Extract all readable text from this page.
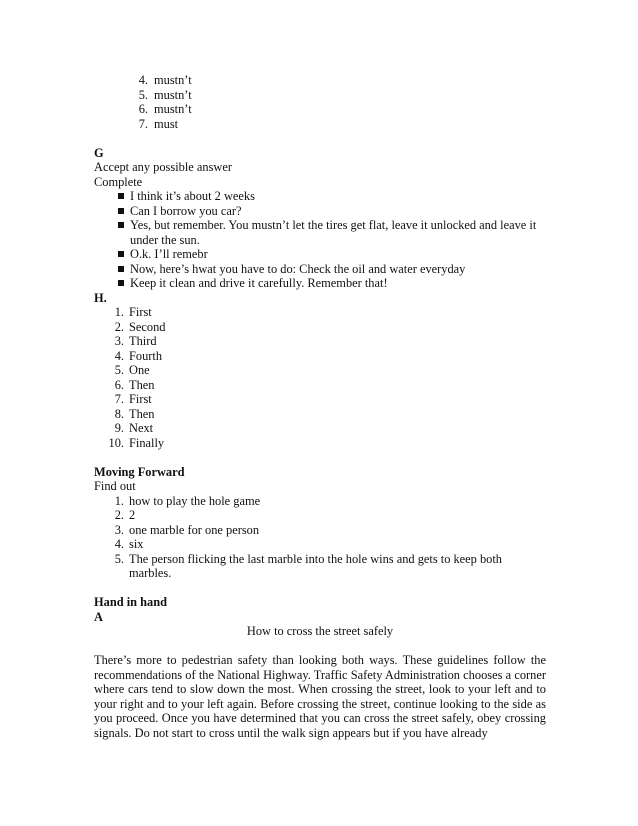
4. mustn’t
5. mustn’t
6. mustn’t
7. must
G
Accept any possible answer
Complete
I think it’s about 2 weeks
Can I borrow you car?
Yes, but remember. You mustn’t let the tires get flat, leave it unlocked and leave it under the sun.
O.k. I’ll remebr
Now, here’s hwat you have to do: Check the oil and water everyday
Keep it clean and drive it carefully. Remember that!
H.
1. First
2. Second
3. Third
4. Fourth
5. One
6. Then
7. First
8. Then
9. Next
10. Finally
Moving Forward
Find out
1. how to play the hole game
2. 2
3. one marble for one person
4. six
5. The person flicking the last marble into the hole wins and gets to keep both marbles.
Hand in hand
A
How to cross the street safely
There’s more to pedestrian safety than looking both ways. These guidelines follow the recommendations of the National Highway. Traffic Safety Administration chooses a corner where cars tend to slow down the most. When crossing the street, look to your left and to your right and to your left again. Before crossing the street, continue looking to the side as you proceed. Once you have determined that you can cross the street safely, obey crossing signals. Do not start to cross until the walk sign appears but if you have already
